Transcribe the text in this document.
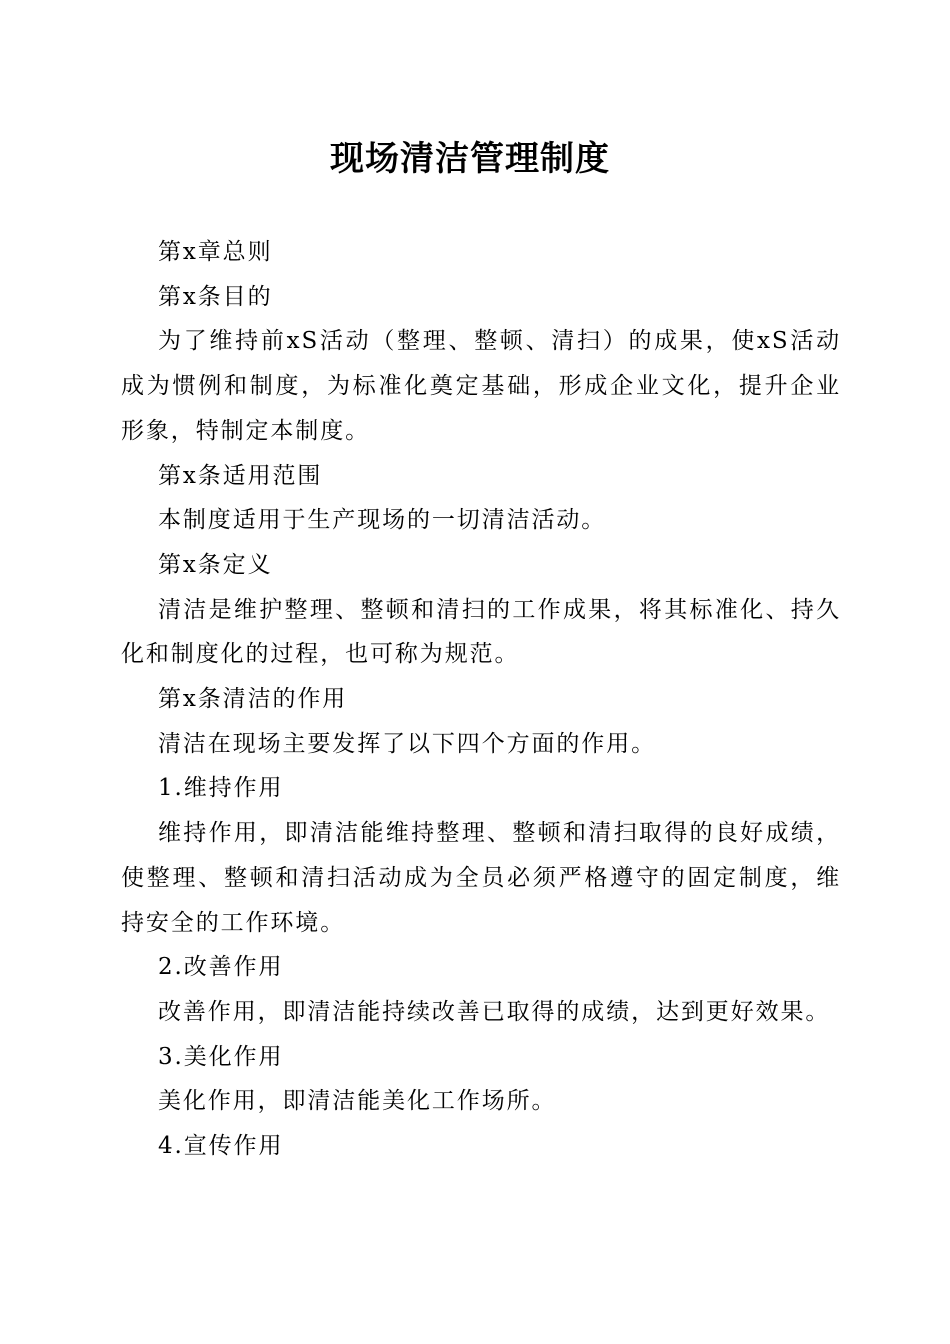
现场清洁管理制度

第x章总则

第x条目的

为了维持前xS活动（整理、整顿、清扫）的成果，使xS活动成为惯例和制度，为标准化奠定基础，形成企业文化，提升企业形象，特制定本制度。

第x条适用范围

本制度适用于生产现场的一切清洁活动。

第x条定义

清洁是维护整理、整顿和清扫的工作成果，将其标准化、持久化和制度化的过程，也可称为规范。

第x条清洁的作用

清洁在现场主要发挥了以下四个方面的作用。

1.维持作用

维持作用，即清洁能维持整理、整顿和清扫取得的良好成绩，使整理、整顿和清扫活动成为全员必须严格遵守的固定制度，维持安全的工作环境。

2.改善作用

改善作用，即清洁能持续改善已取得的成绩，达到更好效果。

3.美化作用

美化作用，即清洁能美化工作场所。

4.宣传作用
